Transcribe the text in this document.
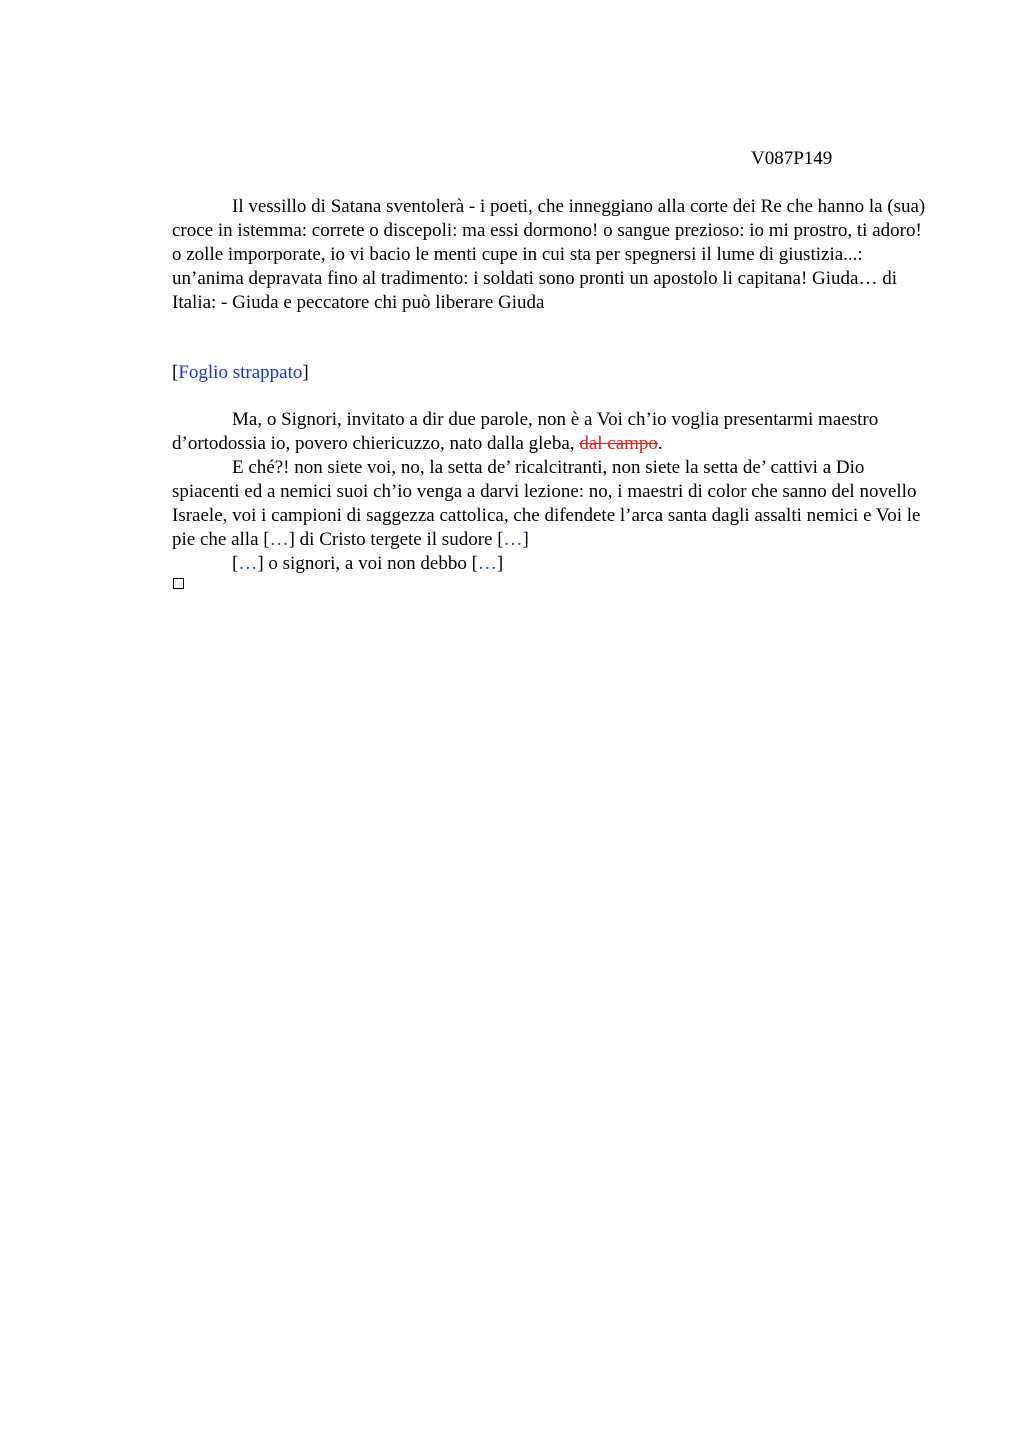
V087P149

Il vessillo di Satana sventolerà - i poeti, che inneggiano alla corte dei Re che hanno la (sua) croce in istemma: correte o discepoli: ma essi dormono! o sangue prezioso: io mi prostro, ti adoro! o zolle imporporate, io vi bacio le menti cupe in cui sta per spegnersi il lume di giustizia...: un’anima depravata fino al tradimento: i soldati sono pronti un apostolo li capitana! Giuda… di Italia: - Giuda e peccatore chi può liberare Giuda

[Foglio strappato]

Ma, o Signori, invitato a dir due parole, non è a Voi ch’io voglia presentarmi maestro d’ortodossia io, povero chiericuzzo, nato dalla gleba, dal campo.

E ché?! non siete voi, no, la setta de’ ricalcitranti, non siete la setta de’ cattivi a Dio spiacenti ed a nemici suoi ch’io venga a darvi lezione: no, i maestri di color che sanno del novello Israele, voi i campioni di saggezza cattolica, che difendete l’arca santa dagli assalti nemici e Voi le pie che alla […] di Cristo tergete il sudore […]

[…] o signori, a voi non debbo […]
